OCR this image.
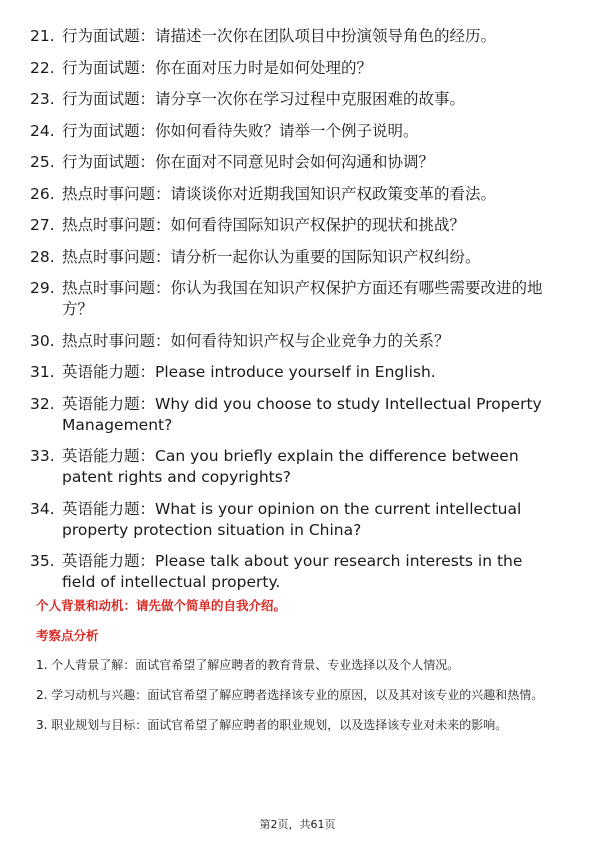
21. 行为面试题：请描述一次你在团队项目中扮演领导角色的经历。
22. 行为面试题：你在面对压力时是如何处理的？
23. 行为面试题：请分享一次你在学习过程中克服困难的故事。
24. 行为面试题：你如何看待失败？请举一个例子说明。
25. 行为面试题：你在面对不同意见时会如何沟通和协调？
26. 热点时事问题：请谈谈你对近期我国知识产权政策变革的看法。
27. 热点时事问题：如何看待国际知识产权保护的现状和挑战？
28. 热点时事问题：请分析一起你认为重要的国际知识产权纠纷。
29. 热点时事问题：你认为我国在知识产权保护方面还有哪些需要改进的地方？
30. 热点时事问题：如何看待知识产权与企业竞争力的关系？
31. 英语能力题：Please introduce yourself in English.
32. 英语能力题：Why did you choose to study Intellectual Property Management?
33. 英语能力题：Can you briefly explain the difference between patent rights and copyrights?
34. 英语能力题：What is your opinion on the current intellectual property protection situation in China?
35. 英语能力题：Please talk about your research interests in the field of intellectual property.
个人背景和动机：请先做个简单的自我介绍。
考察点分析
1. 个人背景了解：面试官希望了解应聘者的教育背景、专业选择以及个人情况。
2. 学习动机与兴趣：面试官希望了解应聘者选择该专业的原因，以及其对该专业的兴趣和热情。
3. 职业规划与目标：面试官希望了解应聘者的职业规划，以及选择该专业对未来的影响。
第2页，共61页
